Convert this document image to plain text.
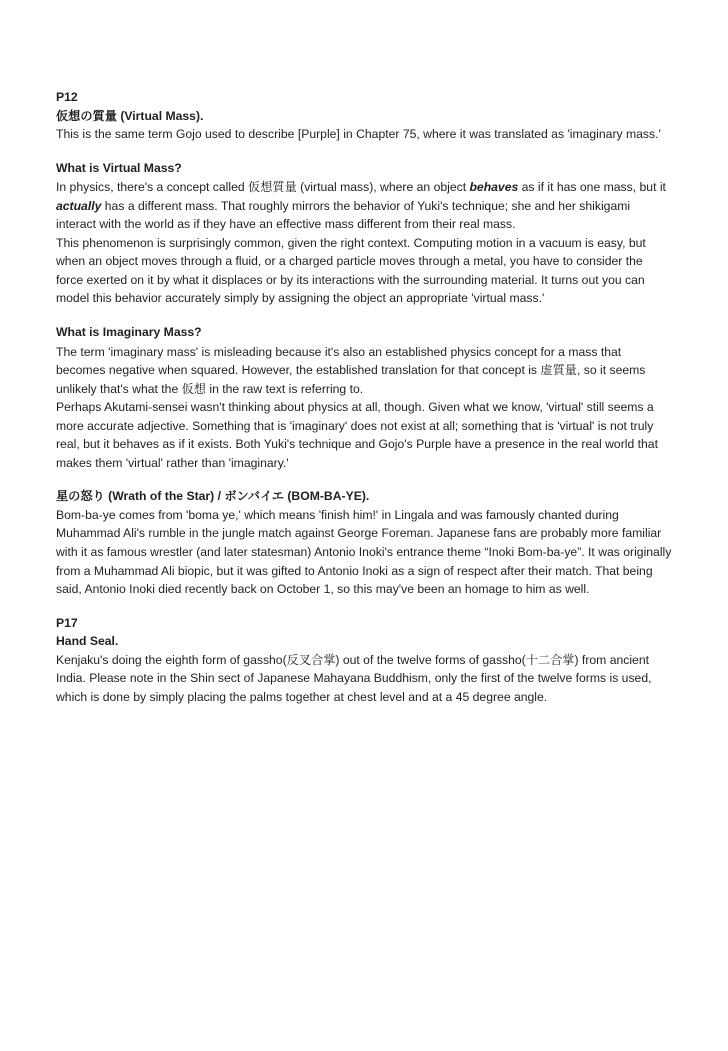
P12
仮想の質量 (Virtual Mass).
This is the same term Gojo used to describe [Purple] in Chapter 75, where it was translated as 'imaginary mass.'
What is Virtual Mass?
In physics, there's a concept called 仮想質量 (virtual mass), where an object behaves as if it has one mass, but it actually has a different mass. That roughly mirrors the behavior of Yuki's technique; she and her shikigami interact with the world as if they have an effective mass different from their real mass.
This phenomenon is surprisingly common, given the right context. Computing motion in a vacuum is easy, but when an object moves through a fluid, or a charged particle moves through a metal, you have to consider the force exerted on it by what it displaces or by its interactions with the surrounding material. It turns out you can model this behavior accurately simply by assigning the object an appropriate 'virtual mass.'
What is Imaginary Mass?
The term 'imaginary mass' is misleading because it's also an established physics concept for a mass that becomes negative when squared. However, the established translation for that concept is 虚質量, so it seems unlikely that's what the 仮想 in the raw text is referring to.
Perhaps Akutami-sensei wasn't thinking about physics at all, though. Given what we know, 'virtual' still seems a more accurate adjective. Something that is 'imaginary' does not exist at all; something that is 'virtual' is not truly real, but it behaves as if it exists. Both Yuki's technique and Gojo's Purple have a presence in the real world that makes them 'virtual' rather than 'imaginary.'
星の怒り (Wrath of the Star) / ボンバイエ (BOM-BA-YE).
Bom-ba-ye comes from 'boma ye,' which means 'finish him!' in Lingala and was famously chanted during Muhammad Ali's rumble in the jungle match against George Foreman. Japanese fans are probably more familiar with it as famous wrestler (and later statesman) Antonio Inoki's entrance theme “Inoki Bom-ba-ye”. It was originally from a Muhammad Ali biopic, but it was gifted to Antonio Inoki as a sign of respect after their match. That being said, Antonio Inoki died recently back on October 1, so this may've been an homage to him as well.
P17
Hand Seal.
Kenjaku's doing the eighth form of gassho(反叉合掌) out of the twelve forms of gassho(十二合掌) from ancient India. Please note in the Shin sect of Japanese Mahayana Buddhism, only the first of the twelve forms is used, which is done by simply placing the palms together at chest level and at a 45 degree angle.
